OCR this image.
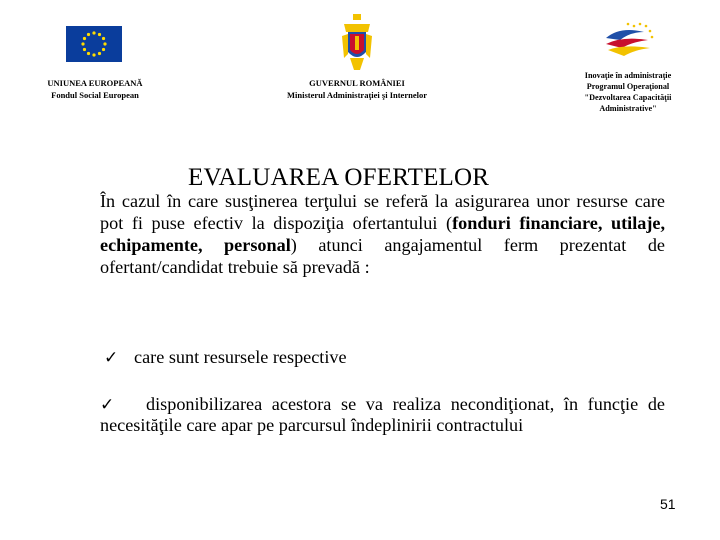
UNIUNEA EUROPEANĂ
Fondul Social European
GUVERNUL ROMÂNIEI
Ministerul Administraţiei şi Internelor
Inovaţie în administraţie
Programul Operaţional
"Dezvoltarea Capacităţii
Administrative"
EVALUAREA OFERTELOR
În cazul în care susţinerea terţului se referă la asigurarea unor resurse care pot fi puse efectiv la dispoziţia ofertantului (fonduri financiare, utilaje, echipamente, personal) atunci angajamentul ferm prezentat de ofertant/candidat trebuie să prevadă :
✓ care sunt resursele respective
✓ disponibilizarea acestora se va realiza necondiţionat, în funcţie de necesităţile care apar pe parcursul îndeplinirii contractului
51
